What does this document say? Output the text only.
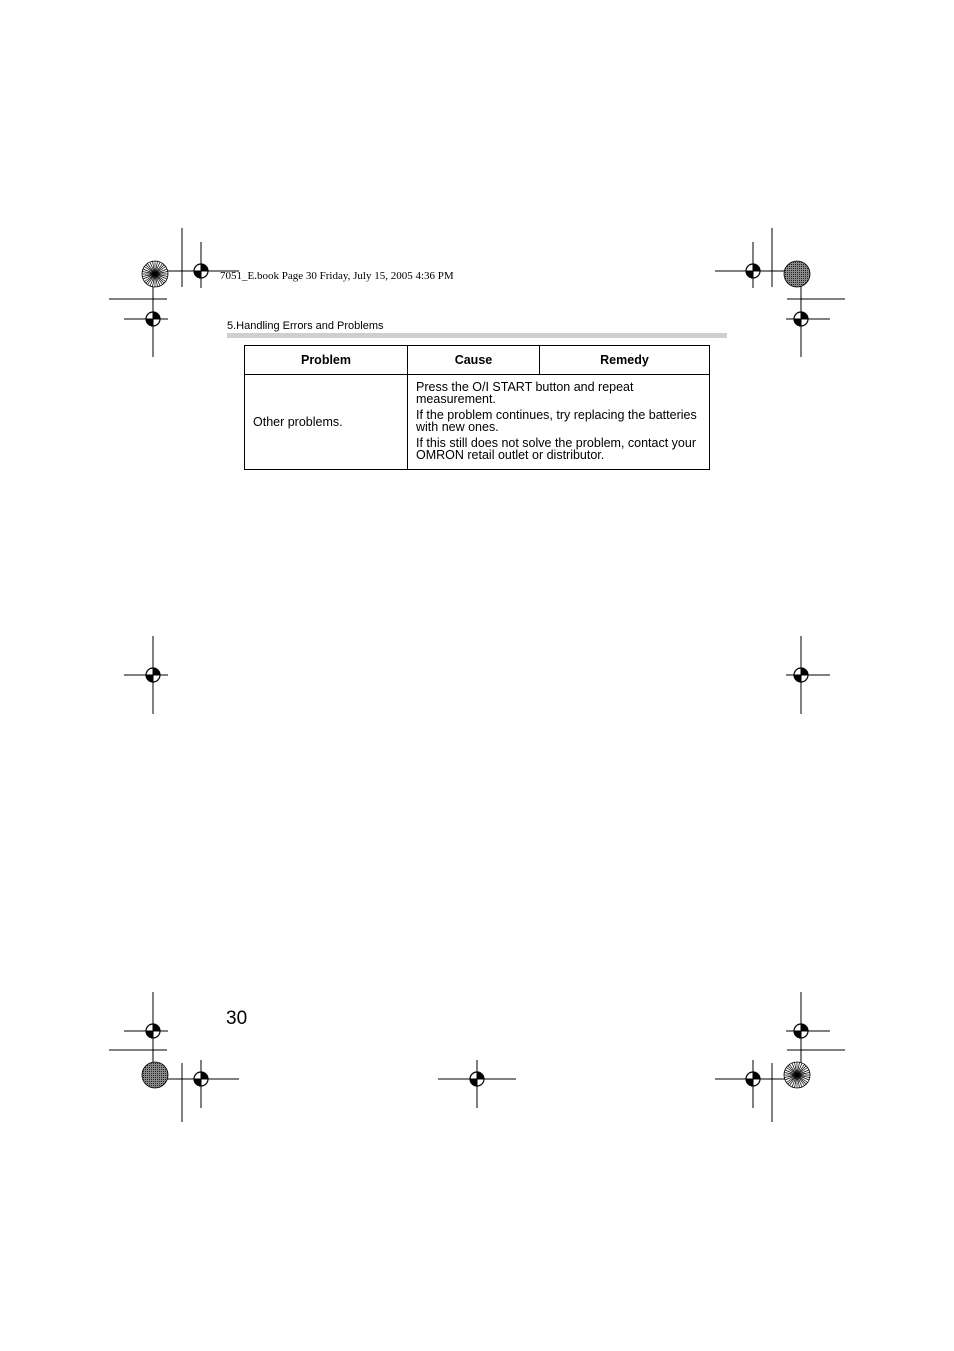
7051_E.book Page 30 Friday, July 15, 2005 4:36 PM
5.Handling Errors and Problems
Problem	Cause	Remedy
Other problems.	Press the O/I START button and repeat measurement.

If the problem continues, try replacing the batteries with new ones.

If this still does not solve the problem, contact your OMRON retail outlet or distributor.	

30
